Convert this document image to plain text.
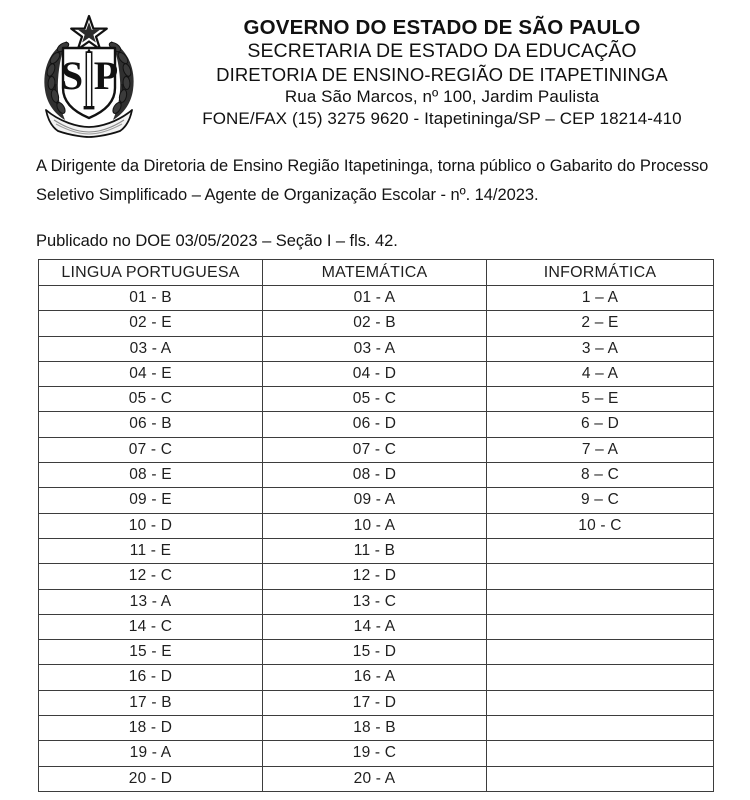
S P
GOVERNO DO ESTADO DE SÃO PAULO
SECRETARIA DE ESTADO DA EDUCAÇÃO
DIRETORIA DE ENSINO-REGIÃO DE ITAPETININGA
Rua São Marcos, nº 100, Jardim Paulista
FONE/FAX (15) 3275 9620 - Itapetininga/SP – CEP 18214-410

A Dirigente da Diretoria de Ensino Região Itapetininga, torna público o Gabarito do Processo Seletivo Simplificado – Agente de Organização Escolar - nº. 14/2023.

Publicado no DOE 03/05/2023 – Seção I – fls. 42.

LINGUA PORTUGUESA	MATEMÁTICA	INFORMÁTICA
01 - B	01 - A	1 – A
02 - E	02 - B	2 – E
03 - A	03 - A	3 – A
04 - E	04 - D	4 – A
05 - C	05 - C	5 – E
06 - B	06 - D	6 – D
07 - C	07 - C	7 – A
08 - E	08 - D	8 – C
09 - E	09 - A	9 – C
10 - D	10 - A	10 - C
11 - E	11 - B	
12 - C	12 - D	
13 - A	13 - C	
14 - C	14 - A	
15 - E	15 - D	
16 - D	16 - A	
17 - B	17 - D	
18 - D	18 - B	
19 - A	19 - C	
20 - D	20 - A	
